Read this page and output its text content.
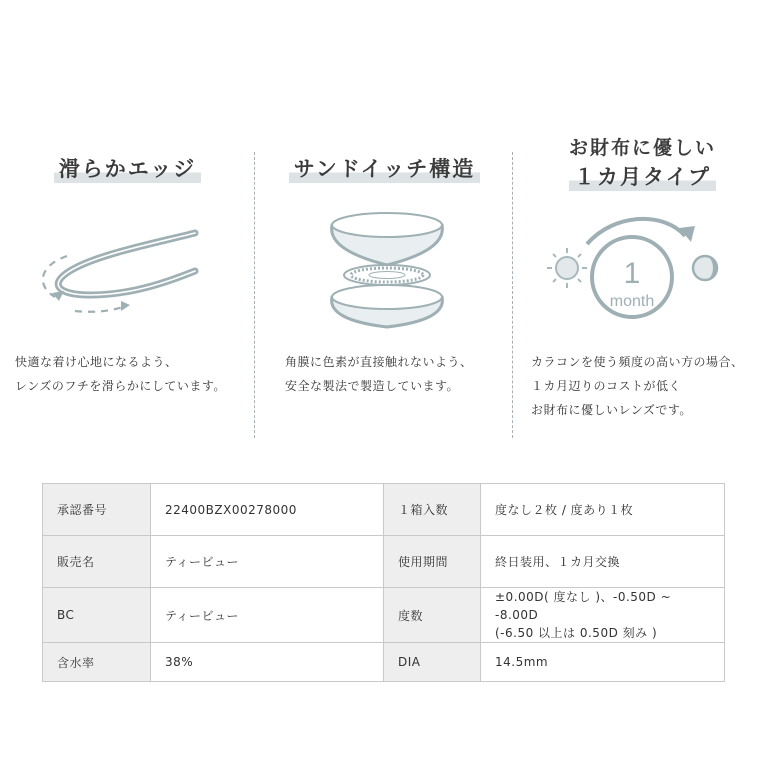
滑らかエッジ
快適な着け心地になるよう、
レンズのフチを滑らかにしています。
サンドイッチ構造
角膜に色素が直接触れないよう、
安全な製法で製造しています。
お財布に優しい
１カ月タイプ
1
month
カラコンを使う頻度の高い方の場合、
１カ月辺りのコストが低く
お財布に優しいレンズです。
承認番号	22400BZX00278000	１箱入数	度なし２枚 / 度あり１枚
販売名	ティービュー	使用期間	終日装用、１カ月交換
BC	ティービュー	度数	±0.00D( 度なし )、-0.50D ~ -8.00D
(-6.50 以上は 0.50D 刻み )

含水率	38%	DIA	14.5mm
